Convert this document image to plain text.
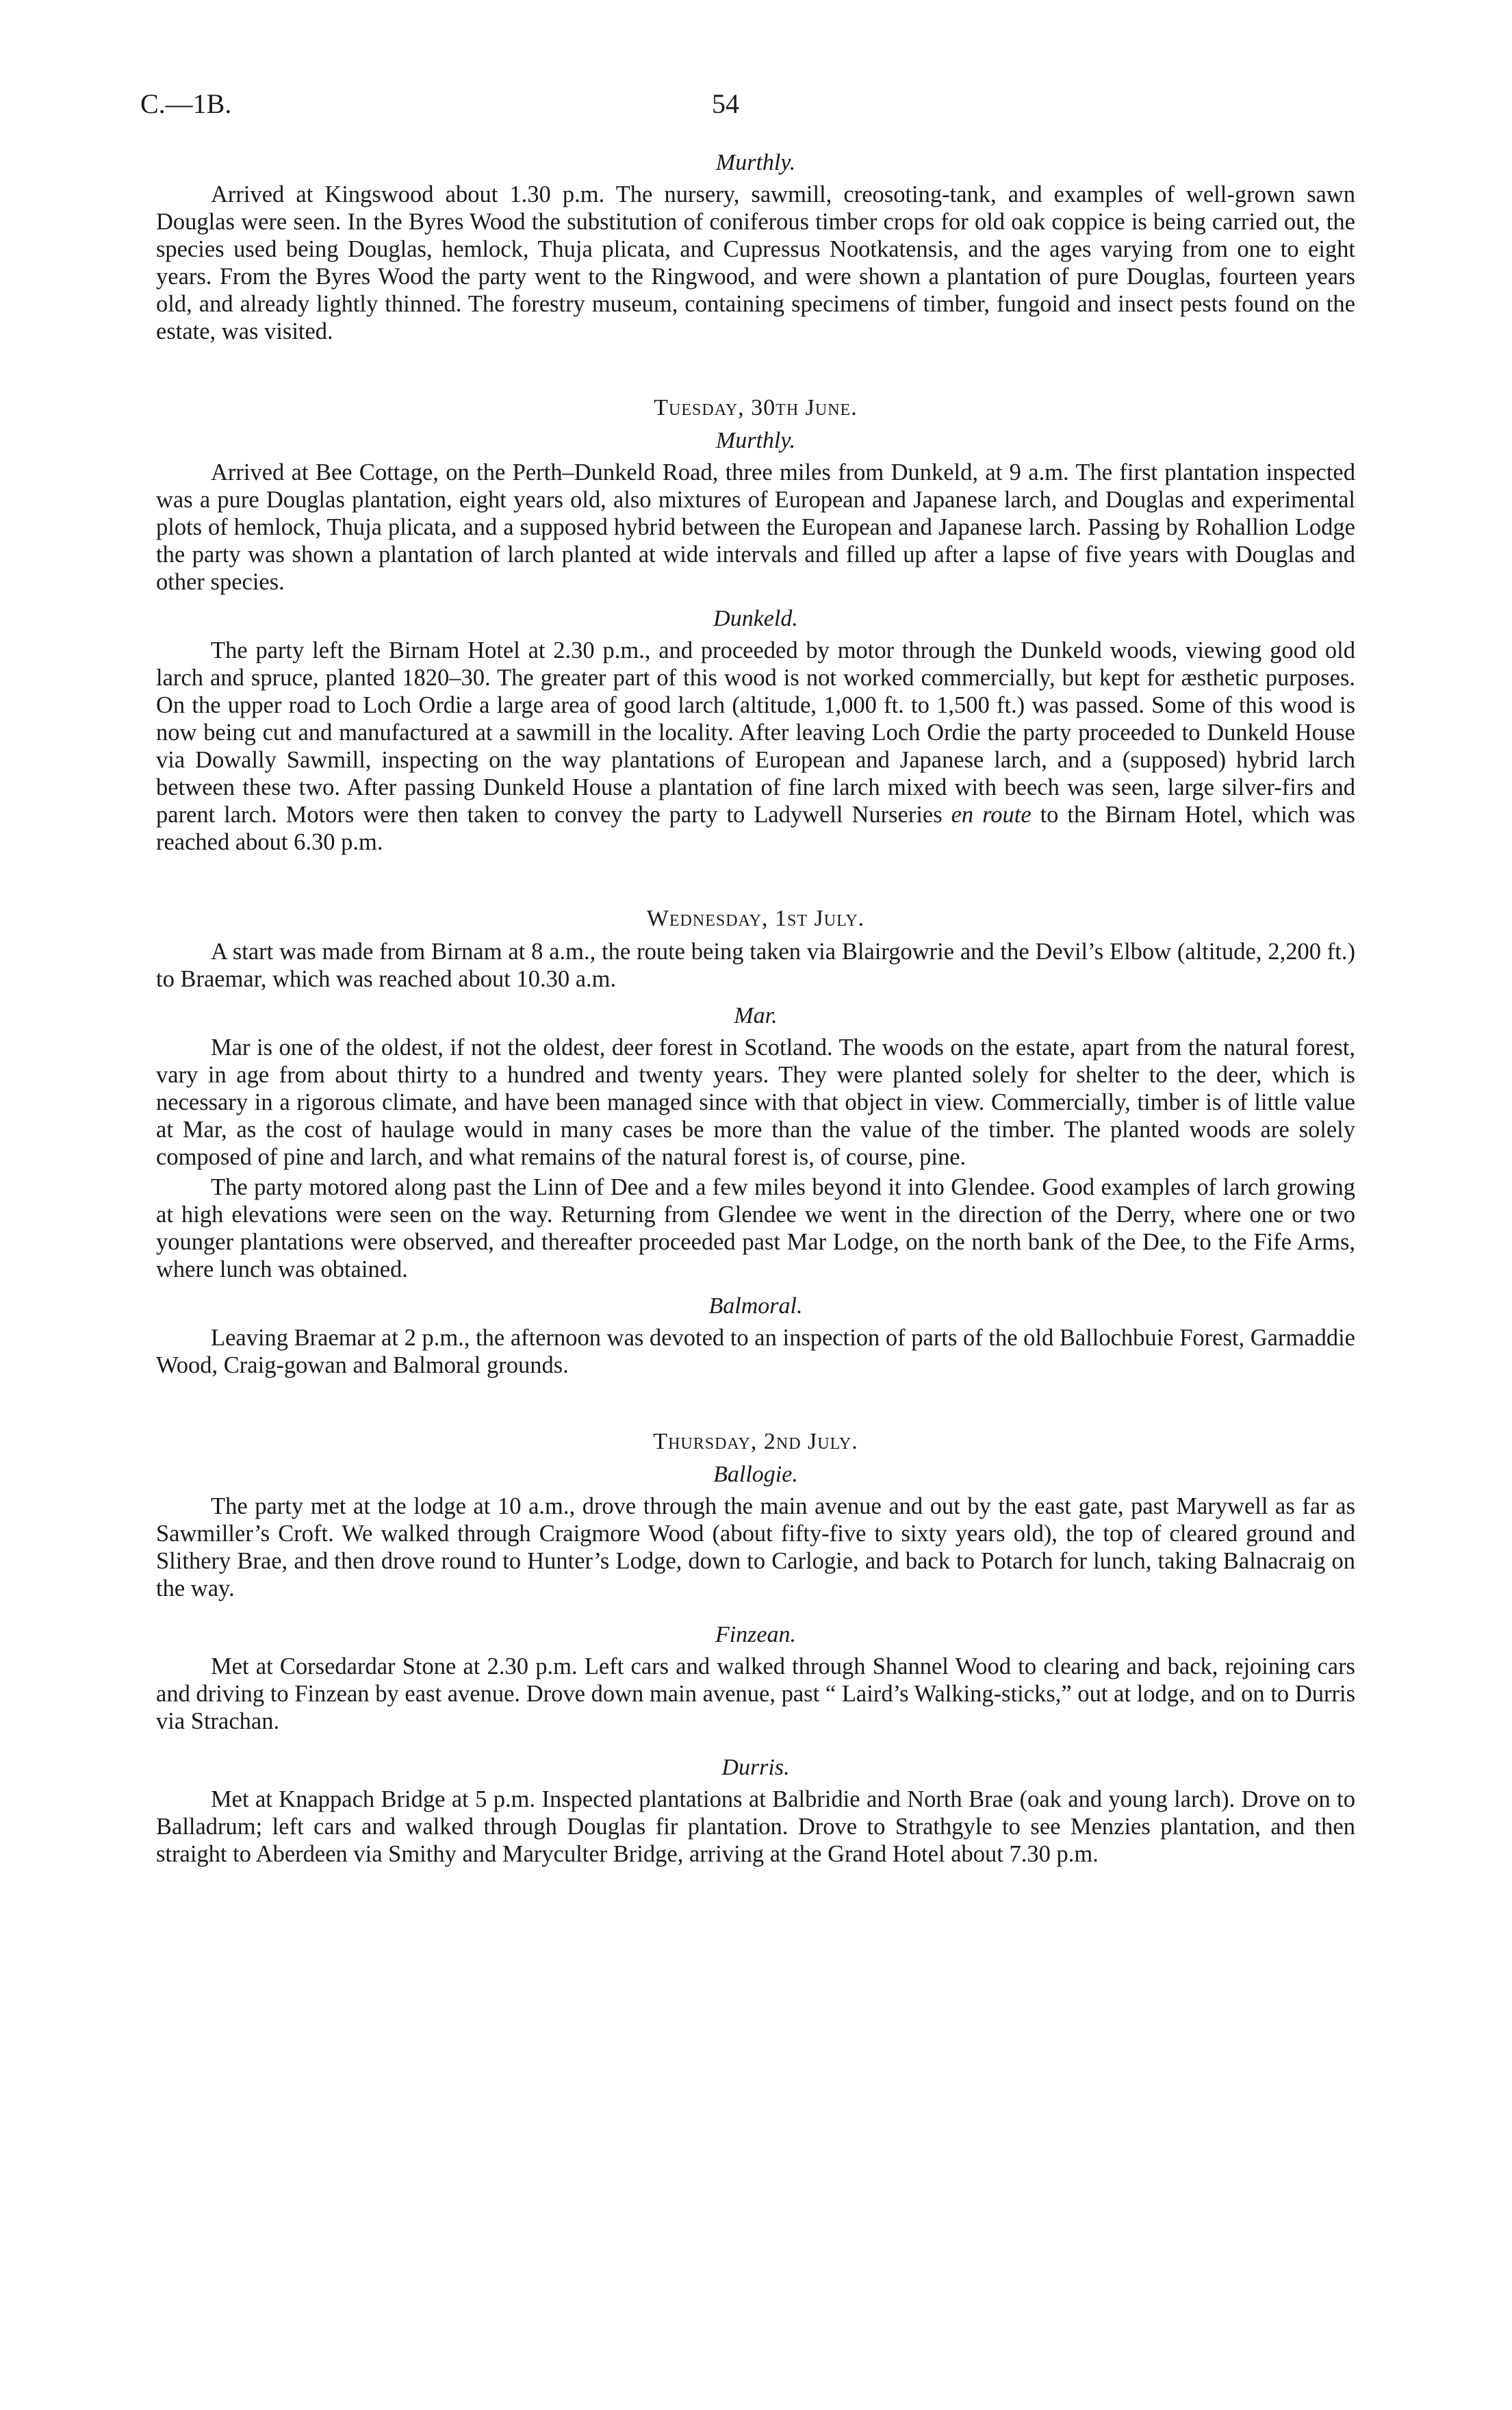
C.—1B.	54
Murthly.

Arrived at Kingswood about 1.30 p.m. The nursery, sawmill, creosoting-tank, and examples of well-grown sawn Douglas were seen. In the Byres Wood the substitution of coniferous timber crops for old oak coppice is being carried out, the species used being Douglas, hemlock, Thuja plicata, and Cupressus Nootkatensis, and the ages varying from one to eight years. From the Byres Wood the party went to the Ringwood, and were shown a plantation of pure Douglas, fourteen years old, and already lightly thinned. The forestry museum, containing specimens of timber, fungoid and insect pests found on the estate, was visited.

Tuesday, 30th June.
Murthly.

Arrived at Bee Cottage, on the Perth–Dunkeld Road, three miles from Dunkeld, at 9 a.m. The first plantation inspected was a pure Douglas plantation, eight years old, also mixtures of European and Japanese larch, and Douglas and experimental plots of hemlock, Thuja plicata, and a supposed hybrid between the European and Japanese larch. Passing by Rohallion Lodge the party was shown a plantation of larch planted at wide intervals and filled up after a lapse of five years with Douglas and other species.

Dunkeld.

The party left the Birnam Hotel at 2.30 p.m., and proceeded by motor through the Dunkeld woods, viewing good old larch and spruce, planted 1820–30. The greater part of this wood is not worked commercially, but kept for æsthetic purposes. On the upper road to Loch Ordie a large area of good larch (altitude, 1,000 ft. to 1,500 ft.) was passed. Some of this wood is now being cut and manufactured at a sawmill in the locality. After leaving Loch Ordie the party proceeded to Dunkeld House via Dowally Sawmill, inspecting on the way plantations of European and Japanese larch, and a (supposed) hybrid larch between these two. After passing Dunkeld House a plantation of fine larch mixed with beech was seen, large silver-firs and parent larch. Motors were then taken to convey the party to Ladywell Nurseries en route to the Birnam Hotel, which was reached about 6.30 p.m.

Wednesday, 1st July.

A start was made from Birnam at 8 a.m., the route being taken via Blairgowrie and the Devil’s Elbow (altitude, 2,200 ft.) to Braemar, which was reached about 10.30 a.m.

Mar.

Mar is one of the oldest, if not the oldest, deer forest in Scotland. The woods on the estate, apart from the natural forest, vary in age from about thirty to a hundred and twenty years. They were planted solely for shelter to the deer, which is necessary in a rigorous climate, and have been managed since with that object in view. Commercially, timber is of little value at Mar, as the cost of haulage would in many cases be more than the value of the timber. The planted woods are solely composed of pine and larch, and what remains of the natural forest is, of course, pine.

The party motored along past the Linn of Dee and a few miles beyond it into Glendee. Good examples of larch growing at high elevations were seen on the way. Returning from Glendee we went in the direction of the Derry, where one or two younger plantations were observed, and thereafter proceeded past Mar Lodge, on the north bank of the Dee, to the Fife Arms, where lunch was obtained.

Balmoral.

Leaving Braemar at 2 p.m., the afternoon was devoted to an inspection of parts of the old Ballochbuie Forest, Garmaddie Wood, Craig-gowan and Balmoral grounds.

Thursday, 2nd July.
Ballogie.

The party met at the lodge at 10 a.m., drove through the main avenue and out by the east gate, past Marywell as far as Sawmiller’s Croft. We walked through Craigmore Wood (about fifty-five to sixty years old), the top of cleared ground and Slithery Brae, and then drove round to Hunter’s Lodge, down to Carlogie, and back to Potarch for lunch, taking Balnacraig on the way.

Finzean.

Met at Corsedardar Stone at 2.30 p.m. Left cars and walked through Shannel Wood to clearing and back, rejoining cars and driving to Finzean by east avenue. Drove down main avenue, past “ Laird’s Walking-sticks,” out at lodge, and on to Durris via Strachan.

Durris.

Met at Knappach Bridge at 5 p.m. Inspected plantations at Balbridie and North Brae (oak and young larch). Drove on to Balladrum; left cars and walked through Douglas fir plantation. Drove to Strathgyle to see Menzies plantation, and then straight to Aberdeen via Smithy and Maryculter Bridge, arriving at the Grand Hotel about 7.30 p.m.
